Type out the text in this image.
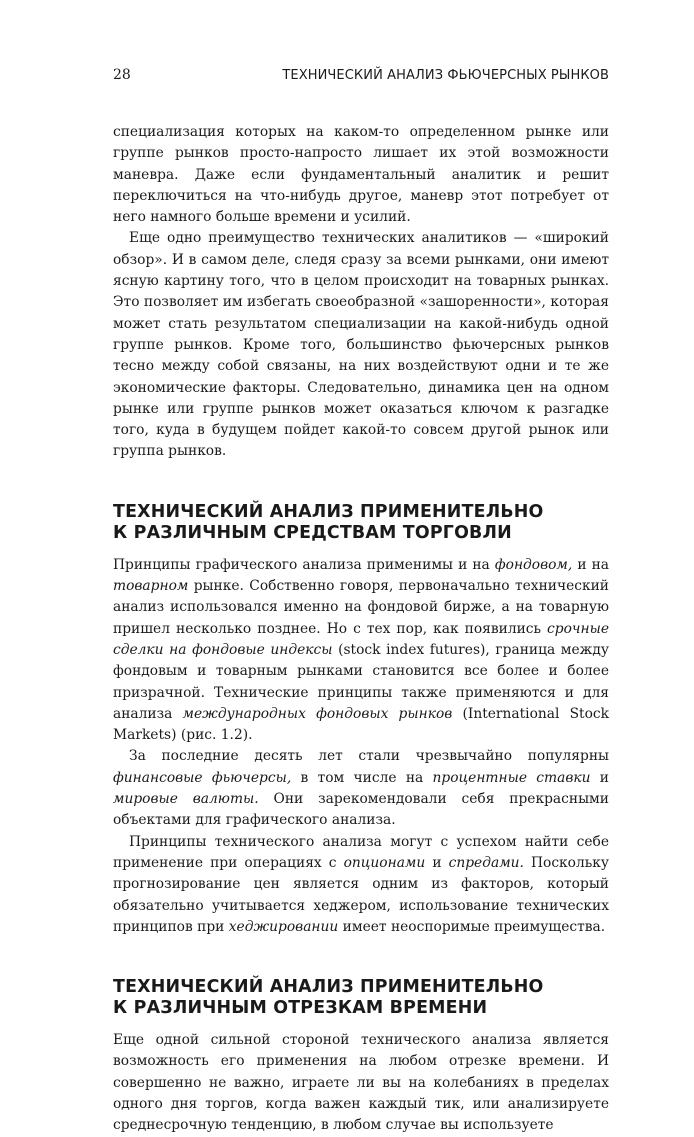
28	ТЕХНИЧЕСКИЙ АНАЛИЗ ФЬЮЧЕРСНЫХ РЫНКОВ

специализация которых на каком-то определенном рынке или группе рынков просто-напросто лишает их этой возможности маневра. Даже если фундаментальный аналитик и решит переключиться на что-нибудь другое, маневр этот потребует от него намного больше времени и усилий.

Еще одно преимущество технических аналитиков — «широкий обзор». И в самом деле, следя сразу за всеми рынками, они имеют ясную картину того, что в целом происходит на товарных рынках. Это позволяет им избегать своеобразной «зашоренности», которая может стать результатом специализации на какой-нибудь одной группе рынков. Кроме того, большинство фьючерсных рынков тесно между собой связаны, на них воздействуют одни и те же экономические факторы. Следовательно, динамика цен на одном рынке или группе рынков может оказаться ключом к разгадке того, куда в будущем пойдет какой-то совсем другой рынок или группа рынков.

ТЕХНИЧЕСКИЙ АНАЛИЗ ПРИМЕНИТЕЛЬНО
К РАЗЛИЧНЫМ СРЕДСТВАМ ТОРГОВЛИ

Принципы графического анализа применимы и на фондовом, и на товарном рынке. Собственно говоря, первоначально технический анализ использовался именно на фондовой бирже, а на товарную пришел несколько позднее. Но с тех пор, как появились срочные сделки на фондовые индексы (stock index futures), граница между фондовым и товарным рынками становится все более и более призрачной. Технические принципы также применяются и для анализа международных фондовых рынков (International Stock Markets) (рис. 1.2).

За последние десять лет стали чрезвычайно популярны финансовые фьючерсы, в том числе на процентные ставки и мировые валюты. Они зарекомендовали себя прекрасными объектами для графического анализа.

Принципы технического анализа могут с успехом найти себе применение при операциях с опционами и спредами. Поскольку прогнозирование цен является одним из факторов, который обязательно учитывается хеджером, использование технических принципов при хеджировании имеет неоспоримые преимущества.

ТЕХНИЧЕСКИЙ АНАЛИЗ ПРИМЕНИТЕЛЬНО
К РАЗЛИЧНЫМ ОТРЕЗКАМ ВРЕМЕНИ

Еще одной сильной стороной технического анализа является возможность его применения на любом отрезке времени. И совершенно не важно, играете ли вы на колебаниях в пределах одного дня торгов, когда важен каждый тик, или анализируете среднесрочную тенденцию, в любом случае вы используете
